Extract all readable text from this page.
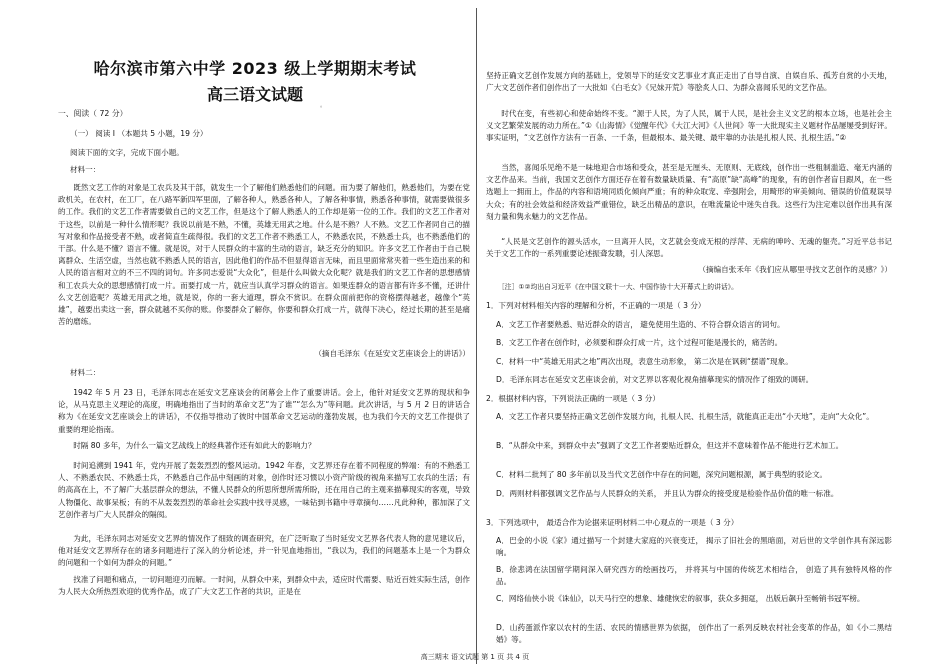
哈尔滨市第六中学 2023 级上学期期末考试
高三语文试题
。
一、阅读（ 72 分）
（一） 阅读 Ⅰ （本题共 5 小题，19 分）
阅读下面的文字，完成下面小题。
材料一：
既然文艺工作的对象是工农兵及其干部，就发生一个了解他们熟悉他们的问题。而为要了解他们，熟悉他们，为要在党政机关，在农村，在工厂，在八路军新四军里面，了解各种人，熟悉各种人，了解各种事情，熟悉各种事情，就需要做很多的工作。我们的文艺工作者需要做自己的文艺工作，但是这个了解人熟悉人的工作却是第一位的工作。我们的文艺工作者对于这些，以前是一种什么情形呢？我说以前是不熟，不懂，英雄无用武之地。什么是不熟？人不熟。文艺工作者同自己的描写对象和作品接受者不熟，或者简直生疏得很。我们的文艺工作者不熟悉工人，不熟悉农民，不熟悉士兵，也不熟悉他们的干部。什么是不懂？语言不懂。就是说，对于人民群众的丰富的生动的语言，缺乏充分的知识。许多文艺工作者由于自己脱离群众、生活空虚，当然也就不熟悉人民的语言，因此他们的作品不但显得语言无味，而且里面常常夹着一些生造出来的和人民的语言相对立的不三不四的词句。许多同志爱说“大众化”，但是什么叫做大众化呢？就是我们的文艺工作者的思想感情和工农兵大众的思想感情打成一片。而要打成一片，就应当认真学习群众的语言。如果连群众的语言都有许多不懂，还讲什么文艺创造呢？英雄无用武之地，就是说，你的一套大道理，群众不赏识。在群众面前把你的资格摆得越老，越像个“英雄”，越要出卖这一套，群众就越不买你的账。你要群众了解你，你要和群众打成一片，就得下决心，经过长期的甚至是痛苦的磨练。
（摘自毛泽东《在延安文艺座谈会上的讲话》）
材料二：
1942 年 5 月 23 日，毛泽东同志在延安文艺座谈会的闭幕会上作了重要讲话。会上，他针对延安文艺界的现状和争论，从马克思主义理论的高度，明确地指出了当时的革命文艺“为了谁”“怎么为”等问题。此次讲话，与 5 月 2 日的讲话合称为《在延安文艺座谈会上的讲话》，不仅指导推动了彼时中国革命文艺运动的蓬勃发展，也为我们今天的文艺工作提供了重要的理论指南。
时隔 80 多年，为什么一篇文艺战线上的经典著作还有如此大的影响力？
时间追溯到 1941 年，党内开展了轰轰烈烈的整风运动。1942 年春，文艺界还存在着不同程度的弊端：有的不熟悉工人、不熟悉农民、不熟悉士兵，不熟悉自己作品中刻画的对象，创作时还习惯以小资产阶级的视角来描写工农兵的生活；有的高高在上，不了解广大基层群众的想法，不懂人民群众的所思所想所需所盼，还在用自己的主观来描摹现实的客观，导致人物僵化、故事呆板；有的不从轰轰烈烈的革命社会实践中找寻灵感，一味钻到书籍中寻章摘句……凡此种种，都加深了文艺创作者与广大人民群众的隔阂。
为此，毛泽东同志对延安文艺界的情况作了细致的调查研究，在广泛听取了当时延安文艺界各代表人物的意见建议后，他对延安文艺界所存在的诸多问题进行了深入的分析论述，并一针见血地指出，“我以为，我们的问题基本上是一个为群众的问题和一个如何为群众的问题。”
找准了问题和痛点，一切问题迎刃而解。一时间，从群众中来，到群众中去，适应时代需要、贴近百姓实际生活，创作为人民大众所热烈欢迎的优秀作品，成了广大文艺工作者的共识，正是在
坚持正确文艺创作发展方向的基础上，党领导下的延安文艺事业才真正走出了自导自演、自娱自乐、孤芳自赏的小天地，广大文艺创作者们创作出了一大批如《白毛女》《兄妹开荒》等脍炙人口、为群众喜闻乐见的文艺作品。
时代在变，有些初心和使命始终不变。“源于人民，为了人民，属于人民，是社会主义文艺的根本立场，也是社会主义文艺繁荣发展的动力所在。”①《山海情》《觉醒年代》《大江大河》《人世间》等一大批现实主义题材作品屡屡受到好评。事实证明，“文艺创作方法有一百条、一千条，但最根本、最关键、最牢靠的办法是扎根人民、扎根生活。”②
当然，喜闻乐见绝不是一味地迎合市场和受众，甚至是无厘头、无原则、无底线，创作出一些粗制滥造、毫无内涵的文艺作品来。当前，我国文艺创作方面还存在着有数量缺质量、有“高原”缺“高峰”的现象，有的创作者盲目跟风，在一些选题上一拥而上，作品的内容和语境同质化倾向严重；有的种众取宠、牵强附会，用畸形的审美倾向、错误的价值观误导大众；有的社会效益和经济效益严重错位，缺乏出精品的意识，在唯流量论中迷失自我。这些行为注定难以创作出具有深刻力量和隽永魅力的文艺作品。
“人民是文艺创作的源头活水，一旦离开人民，文艺就会变成无根的浮萍、无病的呻吟、无魂的躯壳。”习近平总书记关于文艺工作的一系列重要论述振聋发聩，引人深思。
（摘编自张禾年《我们应从哪里寻找文艺创作的灵感？》）
［注］①②均出自习近平《在中国文联十一大、中国作协十大开幕式上的讲话》。
1．下列对材料相关内容的理解和分析，不正确的一项是（ 3 分）
A．文艺工作者要熟悉、贴近群众的语言， 避免使用生造的、不符合群众语言的词句。
B．文艺工作者在创作时，必须要和群众打成一片，这个过程可能是漫长的，痛苦的。
C．材料一中“英雄无用武之地”两次出现，表意生动形象， 第二次是在讽刺“摆谱”现象。
D．毛泽东同志在延安文艺座谈会前，对文艺界以客观化视角描摹现实的情况作了细致的调研。
2．根据材料内容，下列说法正确的一项是（ 3 分）
A．文艺工作者只要坚持正确文艺创作发展方向，扎根人民、扎根生活，就能真正走出“小天地”，走向“大众化”。
B．“从群众中来，到群众中去”强调了文艺工作者要贴近群众，但这并不意味着作品不能进行艺术加工。
C．材料二批判了 80 多年前以及当代文艺创作中存在的问题，深究问题根源，属于典型的驳论文。
D．两则材料都强调文艺作品与人民群众的关系， 并且认为群众的接受度是检验作品价值的唯一标准。
3．下列选项中， 最适合作为论据来证明材料二中心观点的一项是（ 3 分）
A．巴金的小说《家》通过描写一个封建大家庭的兴衰变迁， 揭示了旧社会的黑暗面，对后世的文学创作具有深远影响。
B．徐悲鸿在法国留学期间深入研究西方的绘画技巧， 并将其与中国的传统艺术相结合， 创造了具有独特风格的作品。
C．网络仙侠小说《诛仙》，以天马行空的想象、雄健恢宏的叙事，获众多拥趸， 出版后飙升至畅销书冠军榜。
D．山药蛋派作家以农村的生活、农民的情感世界为依据， 创作出了一系列反映农村社会变革的作品，如《小二黑结婚》等。
高三期末 语文试题 第 1 页 共 4 页
